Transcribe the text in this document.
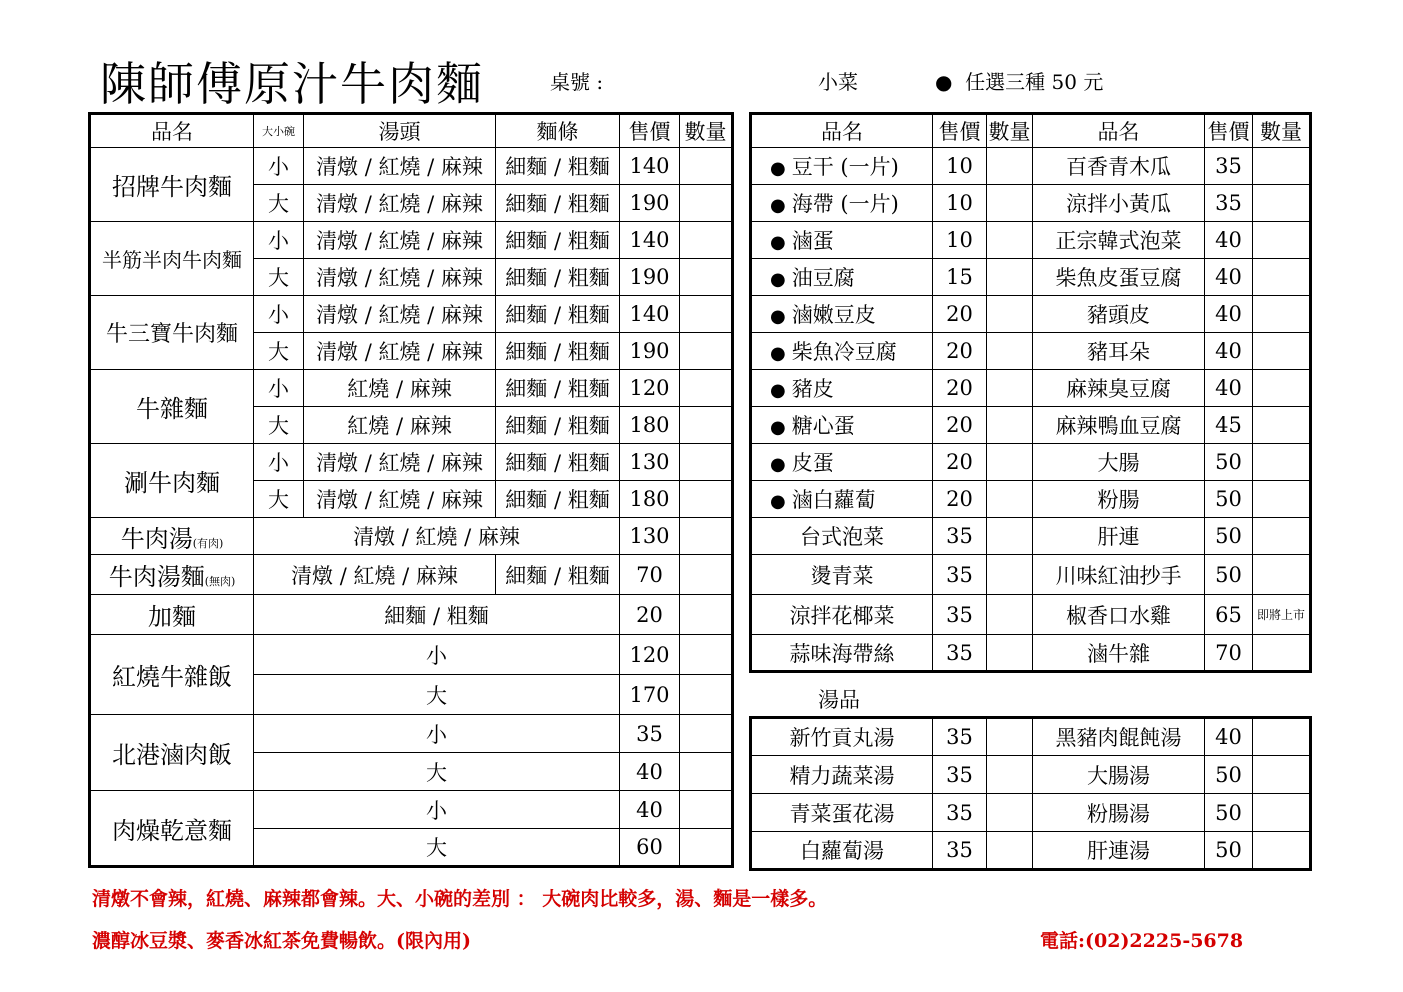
陳師傅原汁牛肉麵	桌號 :	小菜	● 任選三種 50 元
品名	大小碗	湯頭	麵條	售價	數量
招牌牛肉麵	小	清燉 / 紅燒 / 麻辣	細麵 / 粗麵	140	
	大	清燉 / 紅燒 / 麻辣	細麵 / 粗麵	190	
半筋半肉牛肉麵	小	清燉 / 紅燒 / 麻辣	細麵 / 粗麵	140	
	大	清燉 / 紅燒 / 麻辣	細麵 / 粗麵	190	
牛三寶牛肉麵	小	清燉 / 紅燒 / 麻辣	細麵 / 粗麵	140	
	大	清燉 / 紅燒 / 麻辣	細麵 / 粗麵	190	
牛雜麵	小	紅燒 / 麻辣	細麵 / 粗麵	120	
	大	紅燒 / 麻辣	細麵 / 粗麵	180	
涮牛肉麵	小	清燉 / 紅燒 / 麻辣	細麵 / 粗麵	130	
	大	清燉 / 紅燒 / 麻辣	細麵 / 粗麵	180	
牛肉湯(有肉)	清燉 / 紅燒 / 麻辣			130	
牛肉湯麵(無肉)	清燉 / 紅燒 / 麻辣		細麵 / 粗麵	70	
加麵	細麵 / 粗麵			20	
紅燒牛雜飯	小			120	
	大			170	
北港滷肉飯	小			35	
	大			40	
肉燥乾意麵	小			40	
	大			60	
品名	售價	數量	品名	售價	數量
● 豆干 (一片)	10		百香青木瓜	35	
● 海帶 (一片)	10		涼拌小黃瓜	35	
● 滷蛋	10		正宗韓式泡菜	40	
● 油豆腐	15		柴魚皮蛋豆腐	40	
● 滷嫩豆皮	20		豬頭皮	40	
● 柴魚冷豆腐	20		豬耳朵	40	
● 豬皮	20		麻辣臭豆腐	40	
● 糖心蛋	20		麻辣鴨血豆腐	45	
● 皮蛋	20		大腸	50	
● 滷白蘿蔔	20		粉腸	50	
台式泡菜	35		肝連	50	
燙青菜	35		川味紅油抄手	50	
涼拌花椰菜	35		椒香口水雞	65	即將上市

蒜味海帶絲	35		滷牛雜	70	
湯品
新竹貢丸湯	35		黑豬肉餛飩湯	40	
精力蔬菜湯	35		大腸湯	50	
青菜蛋花湯	35		粉腸湯	50	
白蘿蔔湯	35		肝連湯	50	
清燉不會辣，紅燒、麻辣都會辣。大、小碗的差別 ： 大碗肉比較多，湯、麵是一樣多。
濃醇冰豆漿、麥香冰紅茶免費暢飲。(限內用)	電話:(02)2225-5678
